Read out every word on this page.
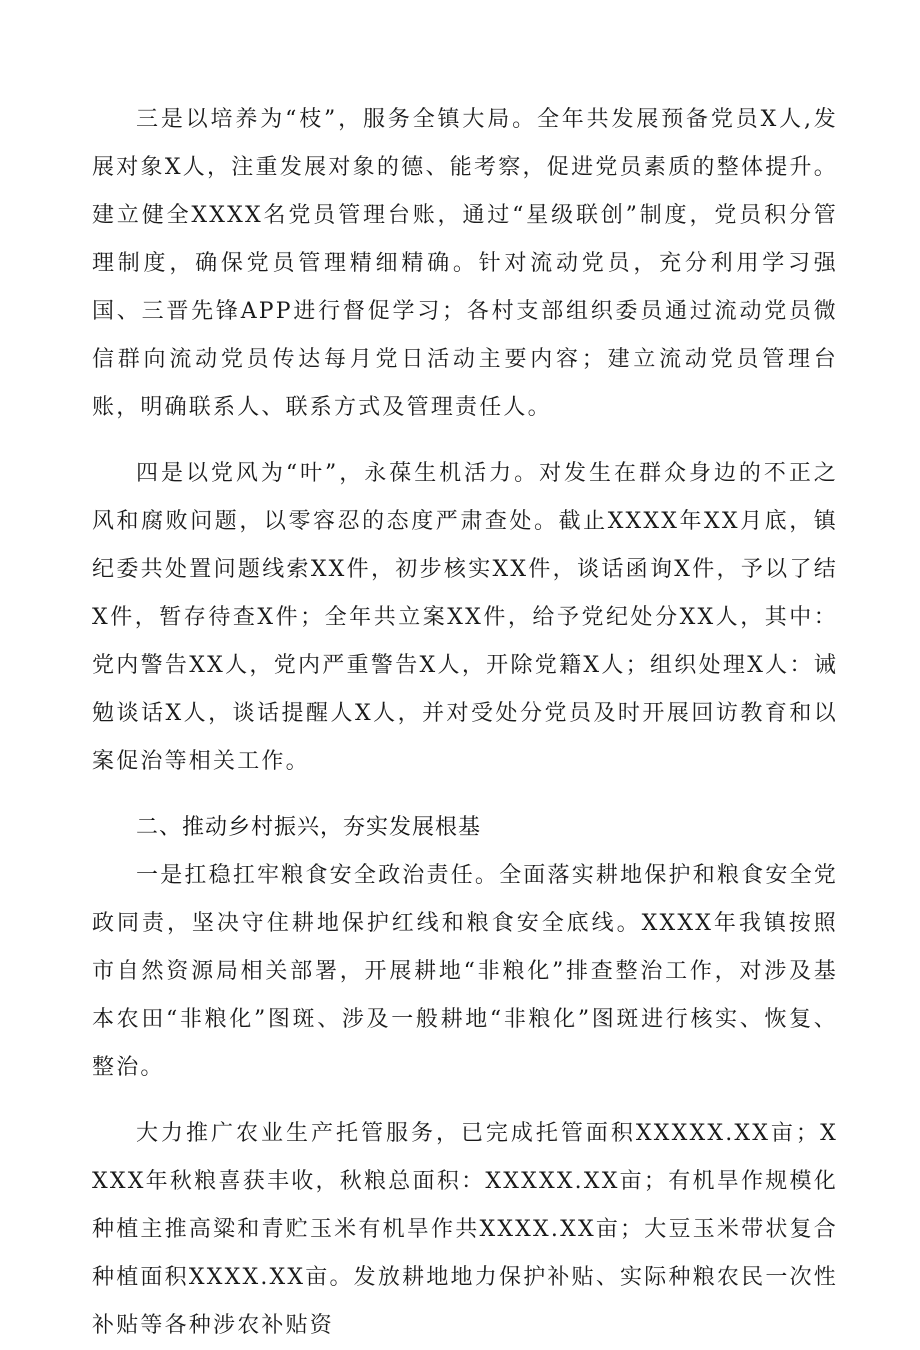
三是以培养为“枝”，服务全镇大局。全年共发展预备党员X人,发展对象X人，注重发展对象的德、能考察，促进党员素质的整体提升。建立健全XXXX名党员管理台账，通过“星级联创”制度，党员积分管理制度，确保党员管理精细精确。针对流动党员，充分利用学习强国、三晋先锋APP进行督促学习；各村支部组织委员通过流动党员微信群向流动党员传达每月党日活动主要内容；建立流动党员管理台账，明确联系人、联系方式及管理责任人。

四是以党风为“叶”，永葆生机活力。对发生在群众身边的不正之风和腐败问题，以零容忍的态度严肃查处。截止XXXX年XX月底，镇纪委共处置问题线索XX件，初步核实XX件，谈话函询X件，予以了结X件，暂存待查X件；全年共立案XX件，给予党纪处分XX人，其中：党内警告XX人，党内严重警告X人，开除党籍X人；组织处理X人：诫勉谈话X人，谈话提醒人X人，并对受处分党员及时开展回访教育和以案促治等相关工作。

二、推动乡村振兴，夯实发展根基

一是扛稳扛牢粮食安全政治责任。全面落实耕地保护和粮食安全党政同责，坚决守住耕地保护红线和粮食安全底线。XXXX年我镇按照市自然资源局相关部署，开展耕地“非粮化”排查整治工作，对涉及基本农田“非粮化”图斑、涉及一般耕地“非粮化”图斑进行核实、恢复、整治。

大力推广农业生产托管服务，已完成托管面积XXXXX.XX亩；XXXX年秋粮喜获丰收，秋粮总面积：XXXXX.XX亩；有机旱作规模化种植主推高粱和青贮玉米有机旱作共XXXX.XX亩；大豆玉米带状复合种植面积XXXX.XX亩。发放耕地地力保护补贴、实际种粮农民一次性补贴等各种涉农补贴资
